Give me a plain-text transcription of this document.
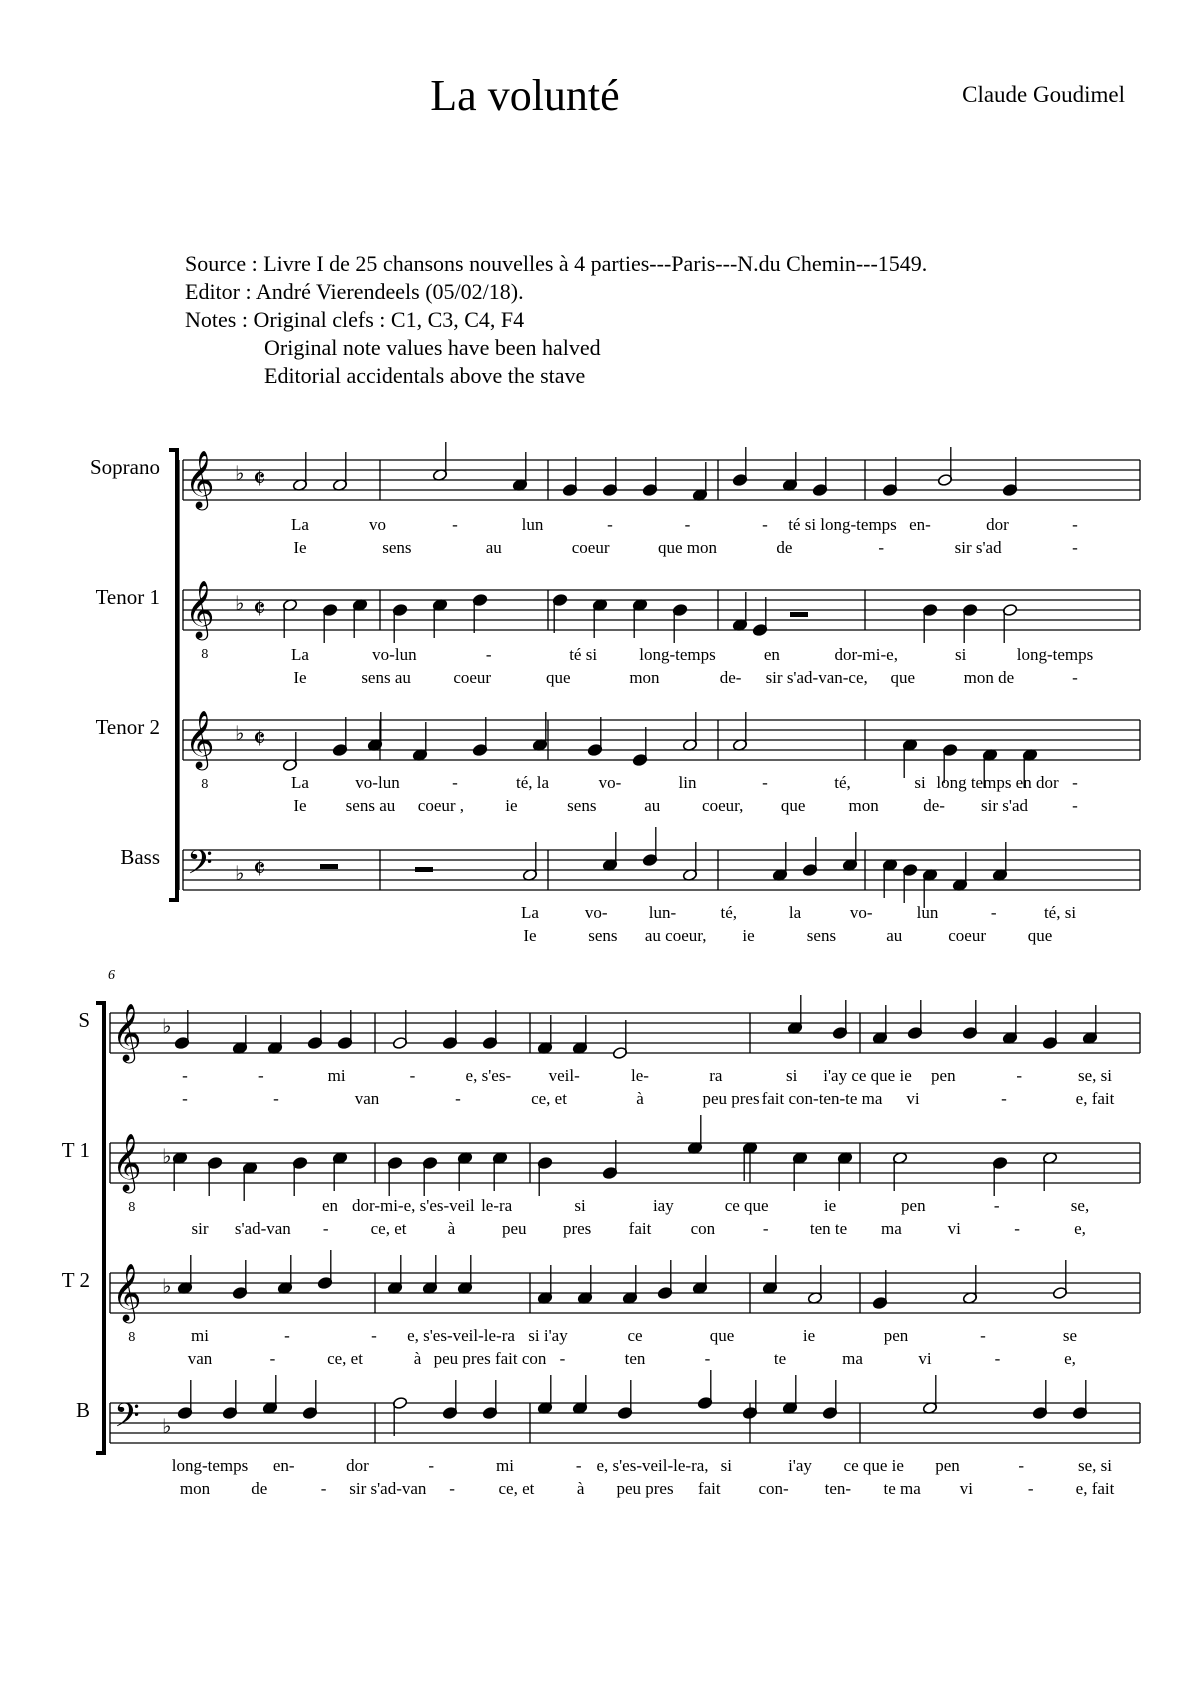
La volunté	Claude Goudimel
Source : Livre I de 25 chansons nouvelles à 4 parties---Paris---N.du Chemin---1549.
Editor : André Vierendeels (05/02/18).
Notes : Original clefs : C1, C3, C4, F4
Original note values have been halved
Editorial accidentals above the stave
Soprano
Tenor 1
Tenor 2
Bass
S
T 1
T 2
B
6
𝄞 ♭ 𝄵
𝄞 ♭ 𝄵
8
𝄞 ♭ 𝄵
8
𝄢 ♭ 𝄵
𝄞 ♭
𝄞 ♭
8
𝄞 ♭
8
𝄢 ♭
La	vo	-	lun	-	-	- té si long-temps en-	dor	-
Ie	sens	au	coeur	que mon	de	-	sir s'ad	-
La	vo-lun	-	té si long-temps	en	dor-mi-e,	si	long-temps
Ie	sens au coeur	que	mon	de- sir s'ad-van-ce, que	mon de	-
La	vo-lun	-	té, la	vo-	lin	-	té,	si long temps en dor -
Ie sens au coeur , ie	sens	au coeur, que	mon	de- sir s'ad	-
La	vo- lun-	té,	la	vo-	lun	-	té, si
Ie	sens au coeur, ie	sens	au	coeur que
-	-	mi	-	e, s'es- veil-	le-	ra	si i'ay ce que ie pen	-	se, si
-	-	van	-	ce, et	à	peu pres fait con-ten-te ma vi	-	e, fait
en dor-mi-e, s'es-veil le-ra	si	iay	ce que	ie	pen	-	se,
sir s'ad-van - ce, et à	peu pres fait con	- ten te ma	vi	-	e,
mi	-	- e, s'es-veil-le-ra si i'ay	ce	que	ie	pen	-	se
van	-	ce, et	à peu pres fait con -	ten	-	te	ma	vi	-	e,
long-temps en-	dor	-	mi	- e, s'es-veil-le-ra, si	i'ay ce que ie pen	-	se, si
mon de	- sir s'ad-van -	ce, et	à peu pres fait con- ten- te ma vi	- e, fait
